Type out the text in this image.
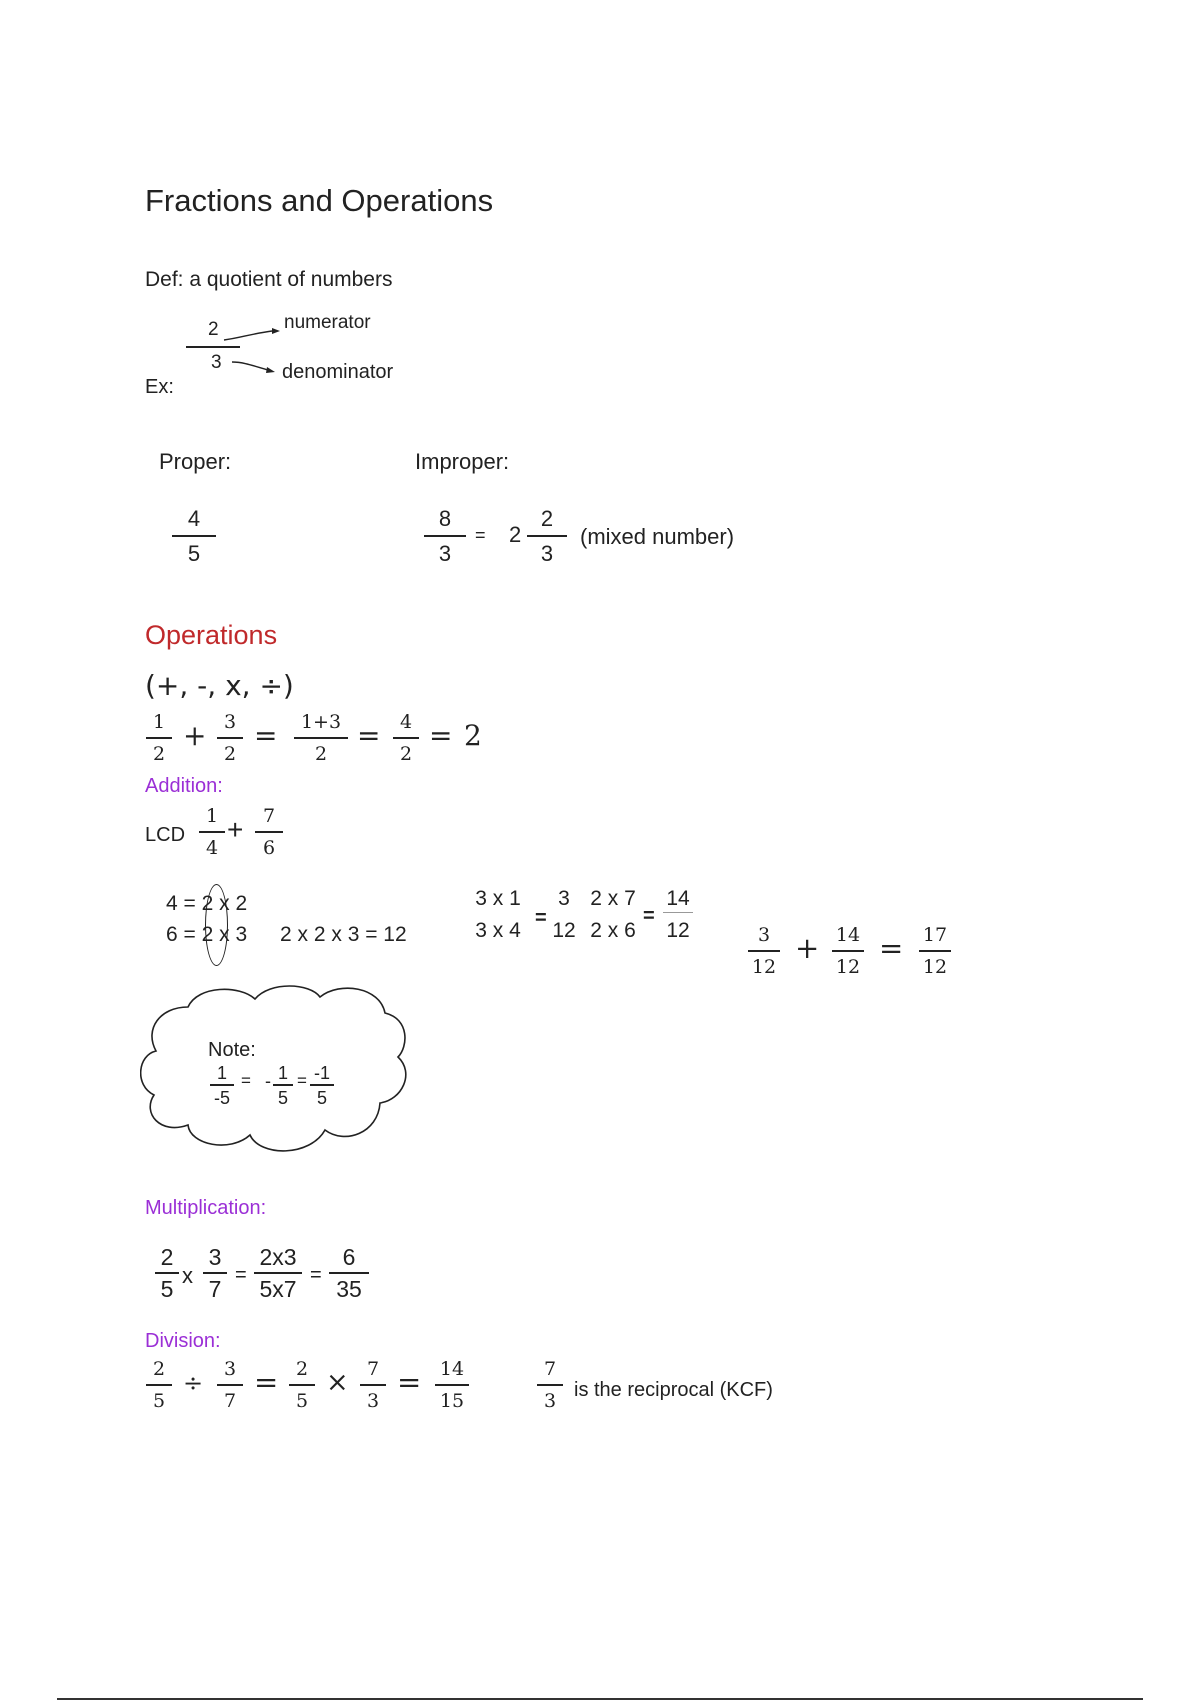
Fractions and Operations
Def: a quotient of numbers
Ex:
2
3
numerator
denominator
Proper:	Improper:
4
5
8
3
= 2
2
3
(mixed number)
Operations
(+, -, x, ÷)
1
2
+ 3
2
= 1+3
2
= 4
2
= 2
Addition:
LCD
1
4
+ 7
6
4 = 2 x 2
6 = 2 x 3 2 x 2 x 3 = 12
3 x 1
3 x 4
=
3
12
2 x 7
2 x 6
=
14
12	3
12
+ 14
12
= 17
12
Note:
1
-5
= - 1
5
= -1
5
Multiplication:
2
5
x
3
7
=
2x3
5x7
=
6
35
Division:
2
5
÷ 3
7
= 2
5
× 7
3
= 14
15
7
3 is the reciprocal (KCF)
